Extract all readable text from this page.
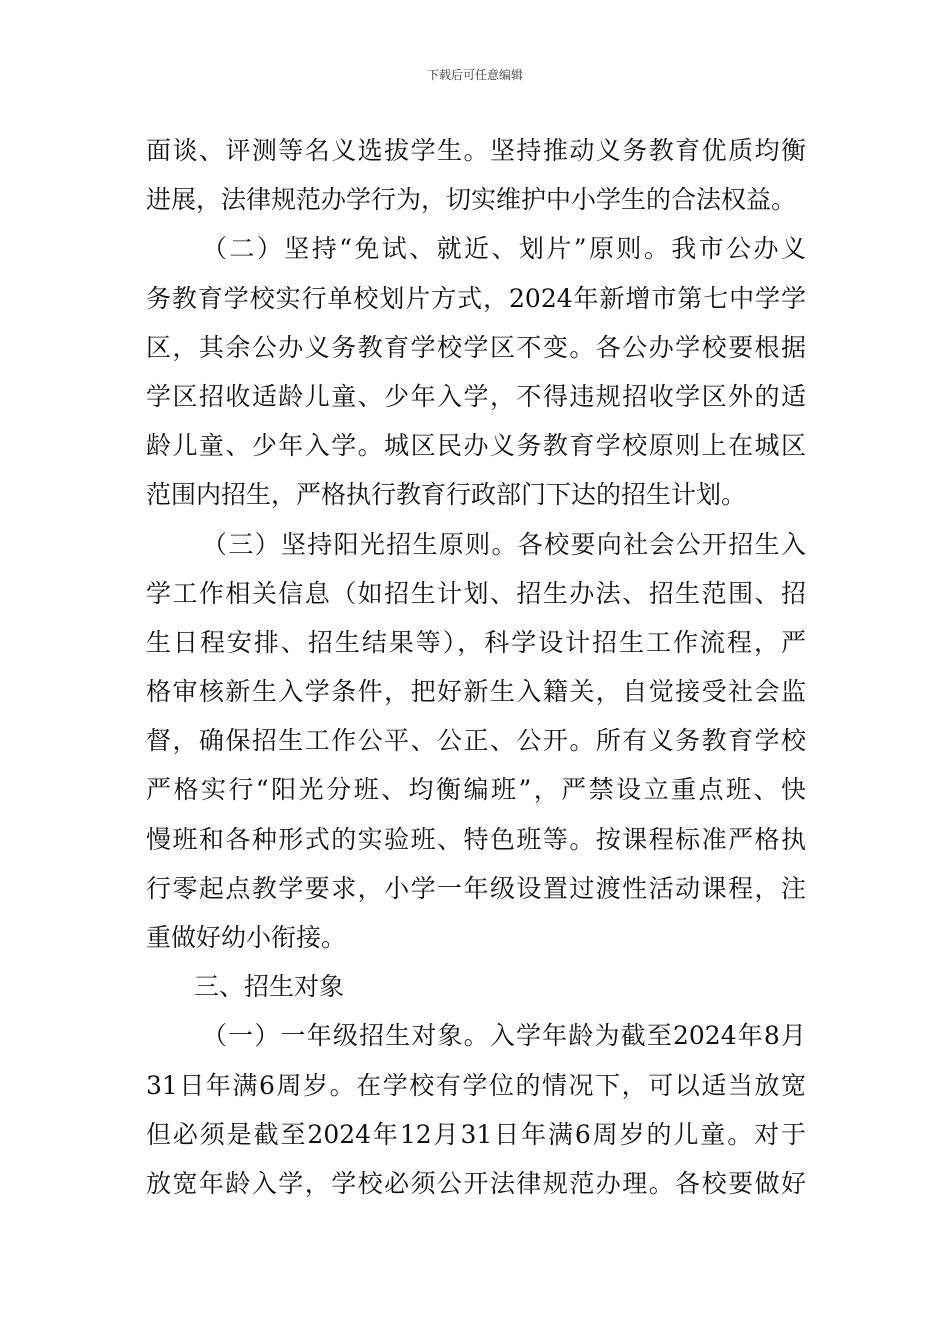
下载后可任意编辑
面谈、评测等名义选拔学生。坚持推动义务教育优质均衡
进展，法律规范办学行为，切实维护中小学生的合法权益。
（二）坚持“免试、就近、划片”原则。我市公办义
务教育学校实行单校划片方式，2024年新增市第七中学学
区，其余公办义务教育学校学区不变。各公办学校要根据
学区招收适龄儿童、少年入学，不得违规招收学区外的适
龄儿童、少年入学。城区民办义务教育学校原则上在城区
范围内招生，严格执行教育行政部门下达的招生计划。
（三）坚持阳光招生原则。各校要向社会公开招生入
学工作相关信息（如招生计划、招生办法、招生范围、招
生日程安排、招生结果等），科学设计招生工作流程，严
格审核新生入学条件，把好新生入籍关，自觉接受社会监
督，确保招生工作公平、公正、公开。所有义务教育学校
严格实行“阳光分班、均衡编班”，严禁设立重点班、快
慢班和各种形式的实验班、特色班等。按课程标准严格执
行零起点教学要求，小学一年级设置过渡性活动课程，注
重做好幼小衔接。
三、招生对象
（一）一年级招生对象。入学年龄为截至2024年8月
31日年满6周岁。在学校有学位的情况下，可以适当放宽
但必须是截至2024年12月31日年满6周岁的儿童。对于
放宽年龄入学，学校必须公开法律规范办理。各校要做好
